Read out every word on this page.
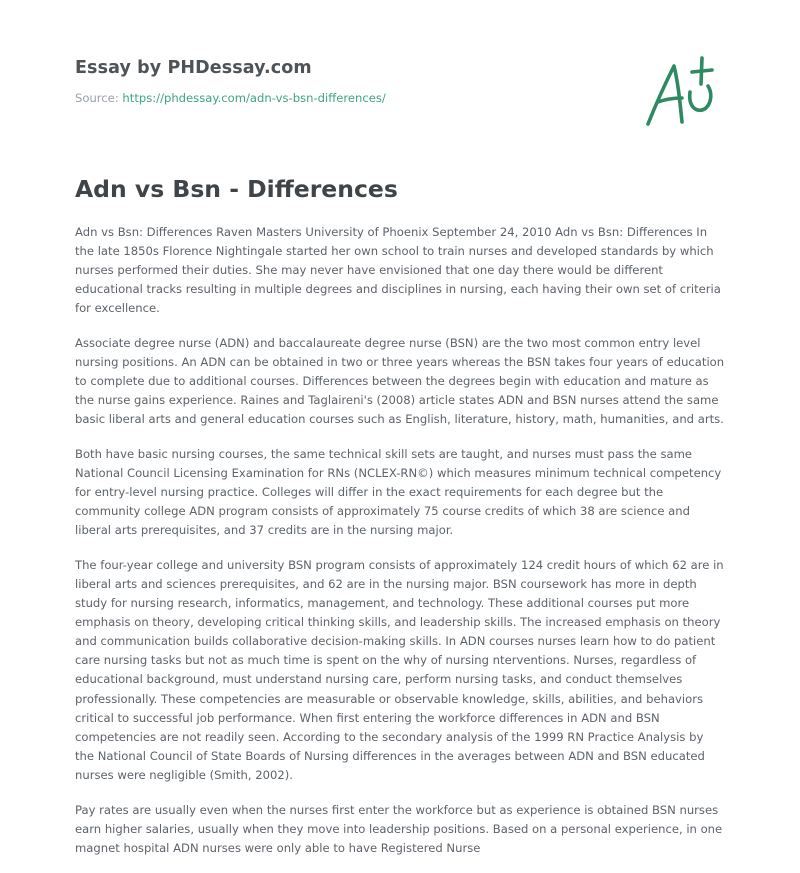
Essay by PHDessay.com
Source: https://phdessay.com/adn-vs-bsn-differences/
Adn vs Bsn - Differences

Adn vs Bsn: Differences Raven Masters University of Phoenix September 24, 2010 Adn vs Bsn: Differences In the late 1850s Florence Nightingale started her own school to train nurses and developed standards by which nurses performed their duties. She may never have envisioned that one day there would be different educational tracks resulting in multiple degrees and disciplines in nursing, each having their own set of criteria for excellence.

Associate degree nurse (ADN) and baccalaureate degree nurse (BSN) are the two most common entry level nursing positions. An ADN can be obtained in two or three years whereas the BSN takes four years of education to complete due to additional courses. Differences between the degrees begin with education and mature as the nurse gains experience. Raines and Taglaireni's (2008) article states ADN and BSN nurses attend the same basic liberal arts and general education courses such as English, literature, history, math, humanities, and arts.

Both have basic nursing courses, the same technical skill sets are taught, and nurses must pass the same National Council Licensing Examination for RNs (NCLEX-RN©) which measures minimum technical competency for entry-level nursing practice. Colleges will differ in the exact requirements for each degree but the community college ADN program consists of approximately 75 course credits of which 38 are science and liberal arts prerequisites, and 37 credits are in the nursing major.

The four-year college and university BSN program consists of approximately 124 credit hours of which 62 are in liberal arts and sciences prerequisites, and 62 are in the nursing major. BSN coursework has more in depth study for nursing research, informatics, management, and technology. These additional courses put more emphasis on theory, developing critical thinking skills, and leadership skills. The increased emphasis on theory and communication builds collaborative decision-making skills. In ADN courses nurses learn how to do patient care nursing tasks but not as much time is spent on the why of nursing nterventions. Nurses, regardless of educational background, must understand nursing care, perform nursing tasks, and conduct themselves professionally. These competencies are measurable or observable knowledge, skills, abilities, and behaviors critical to successful job performance. When first entering the workforce differences in ADN and BSN competencies are not readily seen. According to the secondary analysis of the 1999 RN Practice Analysis by the National Council of State Boards of Nursing differences in the averages between ADN and BSN educated nurses were negligible (Smith, 2002).

Pay rates are usually even when the nurses first enter the workforce but as experience is obtained BSN nurses earn higher salaries, usually when they move into leadership positions. Based on a personal experience, in one magnet hospital ADN nurses were only able to have Registered Nurse
